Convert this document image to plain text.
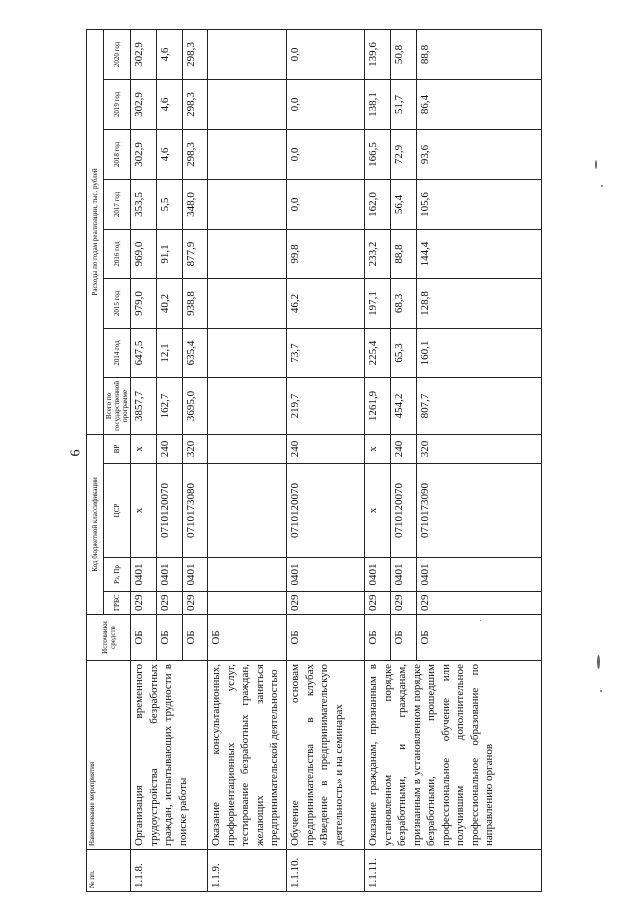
6
№ пп.	Наименование мероприятия	Источники средств	Код бюджетной классификации				Расходы по годам реализации, тыс. рублей							
			ГРБС	Рз, Пр	ЦСР	ВР	Всего по государственной программе	2014 год	2015 год	2016 год	2017 год	2018 год	2019 год	2020 год
1.1.8.	Организация временного трудоустройства безработных граждан, испытывающих трудности в поиске работы	ОБ	029	0401	х	х	3857,7	647,5	979,0	969,0	353,5	302,9	302,9	302,9
		ОБ	029	0401	0710120070	240	162,7	12,1	40,2	91,1	5,5	4,6	4,6	4,6
		ОБ	029	0401	0710173080	320	3695,0	635,4	938,8	877,9	348,0	298,3	298,3	298,3
1.1.9.	Оказание консультационных, профориентационных услуг, тестирование безработных граждан, желающих заняться предпринимательской деятельностью	ОБ												
1.1.10.	Обучение основам предпринимательства в клубах «Введение в предпринимательскую деятельность» и на семинарах	ОБ	029	0401	0710120070	240	219,7	73,7	46,2	99,8	0,0	0,0	0,0	0,0
1.1.11.	Оказание гражданам, признанным в установленном порядке безработными, и гражданам, признанным в установленном порядке безработными, прошедшим профессиональное обучение или получившим дополнительное профессиональное образование по направлению органов	ОБ	029	0401	х	х	1261,9	225,4	197,1	233,2	162,0	166,5	138,1	139,6
		ОБ	029	0401	0710120070	240	454,2	65,3	68,3	88,8	56,4	72,9	51,7	50,8
		ОБ	029	0401	0710173090	320	807,7	160,1	128,8	144,4	105,6	93,6	86,4	88,8
